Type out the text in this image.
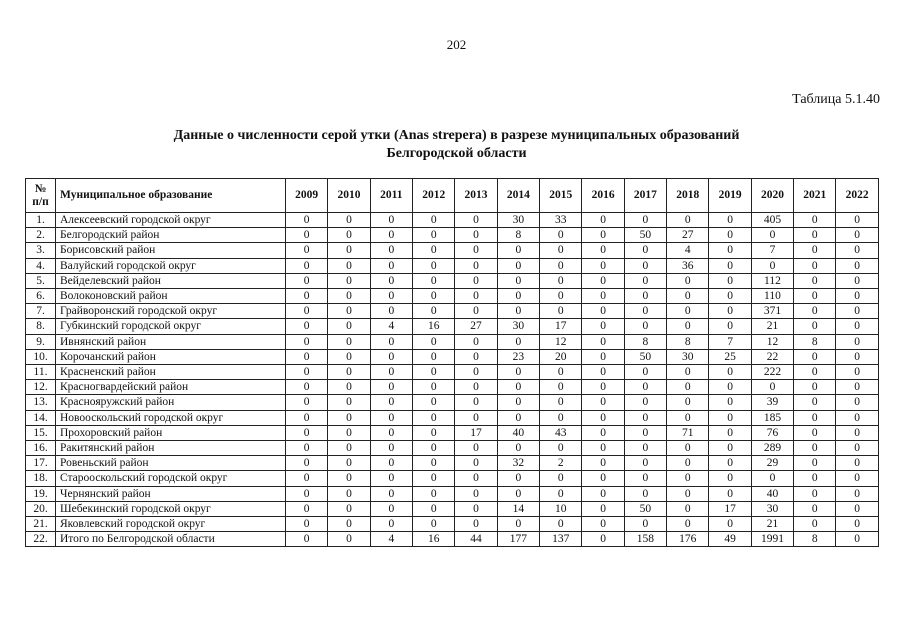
202
Таблица 5.1.40
Данные о численности серой утки (Anas strepera) в разрезе муниципальных образований
Белгородской области
№
п/п	Муниципальное образование	2009	2010	2011	2012	2013	2014	2015	2016	2017	2018	2019	2020	2021	2022
1.	Алексеевский городской округ	0	0	0	0	0	30	33	0	0	0	0	405	0	0
2.	Белгородский район	0	0	0	0	0	8	0	0	50	27	0	0	0	0
3.	Борисовский район	0	0	0	0	0	0	0	0	0	4	0	7	0	0
4.	Валуйский городской округ	0	0	0	0	0	0	0	0	0	36	0	0	0	0
5.	Вейделевский район	0	0	0	0	0	0	0	0	0	0	0	112	0	0
6.	Волоконовский район	0	0	0	0	0	0	0	0	0	0	0	110	0	0
7.	Грайворонский городской округ	0	0	0	0	0	0	0	0	0	0	0	371	0	0
8.	Губкинский городской округ	0	0	4	16	27	30	17	0	0	0	0	21	0	0
9.	Ивнянский район	0	0	0	0	0	0	12	0	8	8	7	12	8	0
10.	Корочанский район	0	0	0	0	0	23	20	0	50	30	25	22	0	0
11.	Красненский район	0	0	0	0	0	0	0	0	0	0	0	222	0	0
12.	Красногвардейский район	0	0	0	0	0	0	0	0	0	0	0	0	0	0
13.	Краснояружский район	0	0	0	0	0	0	0	0	0	0	0	39	0	0
14.	Новооскольский городской округ	0	0	0	0	0	0	0	0	0	0	0	185	0	0
15.	Прохоровский район	0	0	0	0	17	40	43	0	0	71	0	76	0	0
16.	Ракитянский район	0	0	0	0	0	0	0	0	0	0	0	289	0	0
17.	Ровеньский район	0	0	0	0	0	32	2	0	0	0	0	29	0	0
18.	Старооскольский городской округ	0	0	0	0	0	0	0	0	0	0	0	0	0	0
19.	Чернянский район	0	0	0	0	0	0	0	0	0	0	0	40	0	0
20.	Шебекинский городской округ	0	0	0	0	0	14	10	0	50	0	17	30	0	0
21.	Яковлевский городской округ	0	0	0	0	0	0	0	0	0	0	0	21	0	0
22.	Итого по Белгородской области	0	0	4	16	44	177	137	0	158	176	49	1991	8	0
